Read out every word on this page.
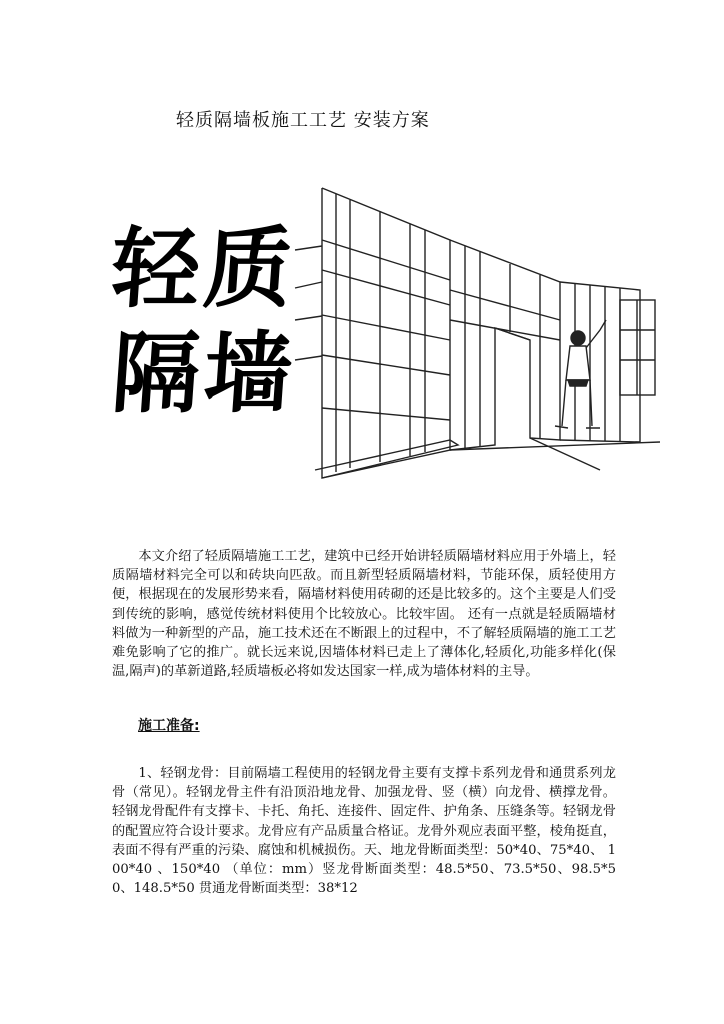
轻质隔墙板施工工艺 安装方案
轻质
隔墙

本文介绍了轻质隔墙施工工艺，建筑中已经开始讲轻质隔墙材料应用于外墙上，轻质隔墙材料完全可以和砖块向匹敌。而且新型轻质隔墙材料，节能环保，质轻使用方便，根据现在的发展形势来看，隔墙材料使用砖砌的还是比较多的。这个主要是人们受到传统的影响，感觉传统材料使用个比较放心。比较牢固。 还有一点就是轻质隔墙材料做为一种新型的产品，施工技术还在不断跟上的过程中，不了解轻质隔墙的施工工艺难免影响了它的推广。就长远来说,因墙体材料已走上了薄体化,轻质化,功能多样化(保温,隔声)的革新道路,轻质墙板必将如发达国家一样,成为墙体材料的主导。

施工准备:

1、轻钢龙骨：目前隔墙工程使用的轻钢龙骨主要有支撑卡系列龙骨和通贯系列龙骨（常见）。轻钢龙骨主件有沿顶沿地龙骨、加强龙骨、竖（横）向龙骨、横撑龙骨。轻钢龙骨配件有支撑卡、卡托、角托、连接件、固定件、护角条、压缝条等。轻钢龙骨的配置应符合设计要求。龙骨应有产品质量合格证。龙骨外观应表面平整，棱角挺直，表面不得有严重的污染、腐蚀和机械损伤。天、地龙骨断面类型：50*40、75*40、 100*40 、150*40 （单位：mm）竖龙骨断面类型：48.5*50、73.5*50、98.5*50、148.5*50 贯通龙骨断面类型：38*12
